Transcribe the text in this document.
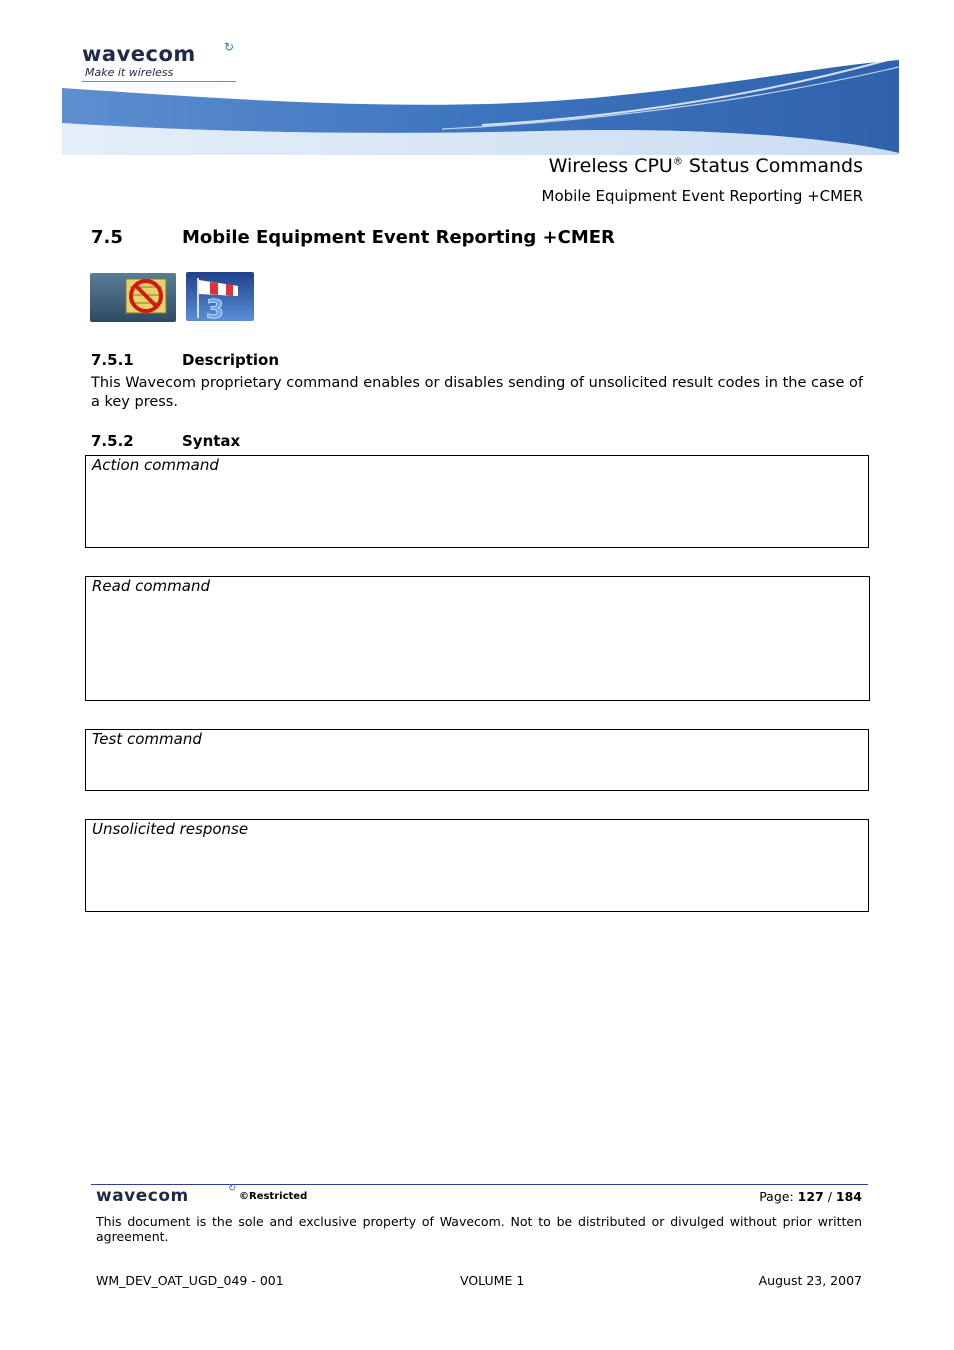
wavecom ↻
Make it wireless
Wireless CPU® Status Commands
Mobile Equipment Event Reporting +CMER
7.5	Mobile Equipment Event Reporting +CMER
3
7.5.1	Description
This Wavecom proprietary command enables or disables sending of unsolicited result codes in the case of a key press.
7.5.2	Syntax
Action command
Read command
Test command
Unsolicited response
wavecom	↻
©Restricted	Page: 127 / 184
This document is the sole and exclusive property of Wavecom. Not to be distributed or divulged without prior written agreement.
WM_DEV_OAT_UGD_049 - 001	VOLUME 1	August 23, 2007
